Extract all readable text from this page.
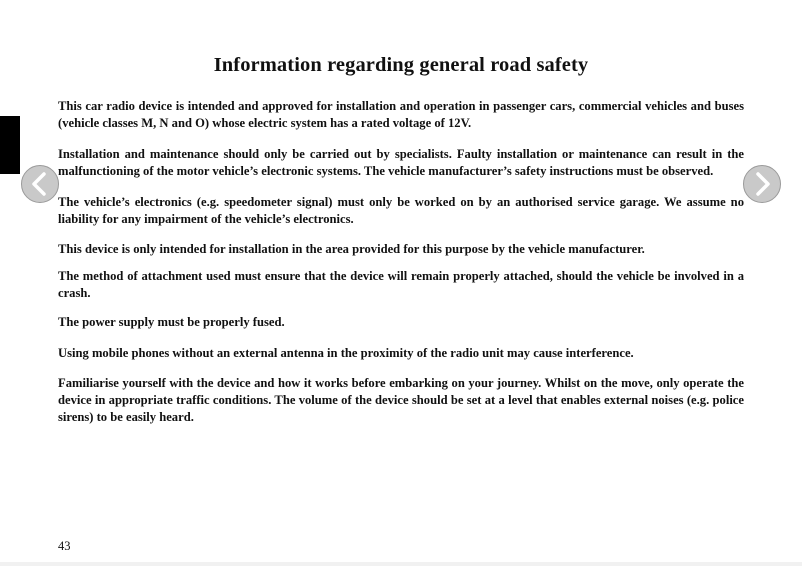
Information regarding general road safety

This car radio device is intended and approved for installation and operation in passenger cars, commercial vehicles and buses (vehicle classes M, N and O) whose electric system has a rated voltage of 12V.

Installation and maintenance should only be carried out by specialists. Faulty installation or maintenance can result in the malfunctioning of the motor vehicle’s electronic systems. The vehicle manufacturer’s safety instructions must be observed.

The vehicle’s electronics (e.g. speedometer signal) must only be worked on by an authorised service garage. We assume no liability for any impairment of the vehicle’s electronics.

This device is only intended for installation in the area provided for this purpose by the vehicle manufacturer.

The method of attachment used must ensure that the device will remain properly attached, should the vehicle be involved in a crash.

The power supply must be properly fused.

Using mobile phones without an external antenna in the proximity of the radio unit may cause interference.

Familiarise yourself with the device and how it works before embarking on your journey. Whilst on the move, only operate the device in appropriate traffic conditions. The volume of the device should be set at a level that enables external noises (e.g. police sirens) to be easily heard.

43
